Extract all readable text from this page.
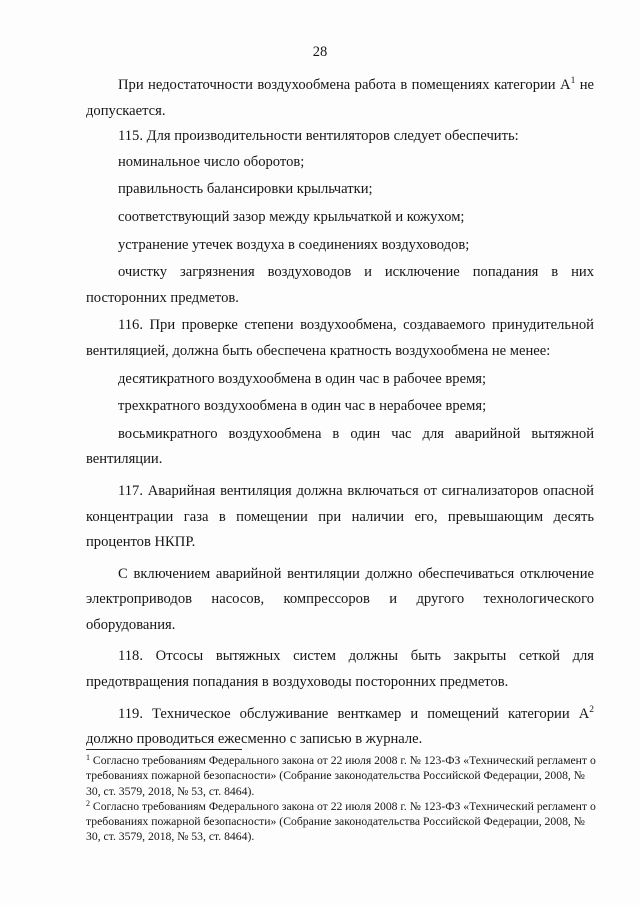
28

При недостаточности воздухообмена работа в помещениях категории $А^1$ не допускается.

115. Для производительности вентиляторов следует обеспечить:

номинальное число оборотов;

правильность балансировки крыльчатки;

соответствующий зазор между крыльчаткой и кожухом;

устранение утечек воздуха в соединениях воздуховодов;

очистку загрязнения воздуховодов и исключение попадания в них посторонних предметов.

116. При проверке степени воздухообмена, создаваемого принудительной вентиляцией, должна быть обеспечена кратность воздухообмена не менее:

десятикратного воздухообмена в один час в рабочее время;

трехкратного воздухообмена в один час в нерабочее время;

восьмикратного воздухообмена в один час для аварийной вытяжной вентиляции.

117. Аварийная вентиляция должна включаться от сигнализаторов опасной концентрации газа в помещении при наличии его, превышающим десять процентов НКПР.

С включением аварийной вентиляции должно обеспечиваться отключение электроприводов насосов, компрессоров и другого технологического оборудования.

118. Отсосы вытяжных систем должны быть закрыты сеткой для предотвращения попадания в воздуховоды посторонних предметов.

119. Техническое обслуживание венткамер и помещений категории $А^2$ должно проводиться ежесменно с записью в журнале.

$^1$ Согласно требованиям Федерального закона от 22 июля 2008 г. № 123-ФЗ «Технический регламент о требованиях пожарной безопасности» (Собрание законодательства Российской Федерации, 2008, № 30, ст. 3579, 2018, № 53, ст. 8464).

$^2$ Согласно требованиям Федерального закона от 22 июля 2008 г. № 123-ФЗ «Технический регламент о требованиях пожарной безопасности» (Собрание законодательства Российской Федерации, 2008, № 30, ст. 3579, 2018, № 53, ст. 8464).
